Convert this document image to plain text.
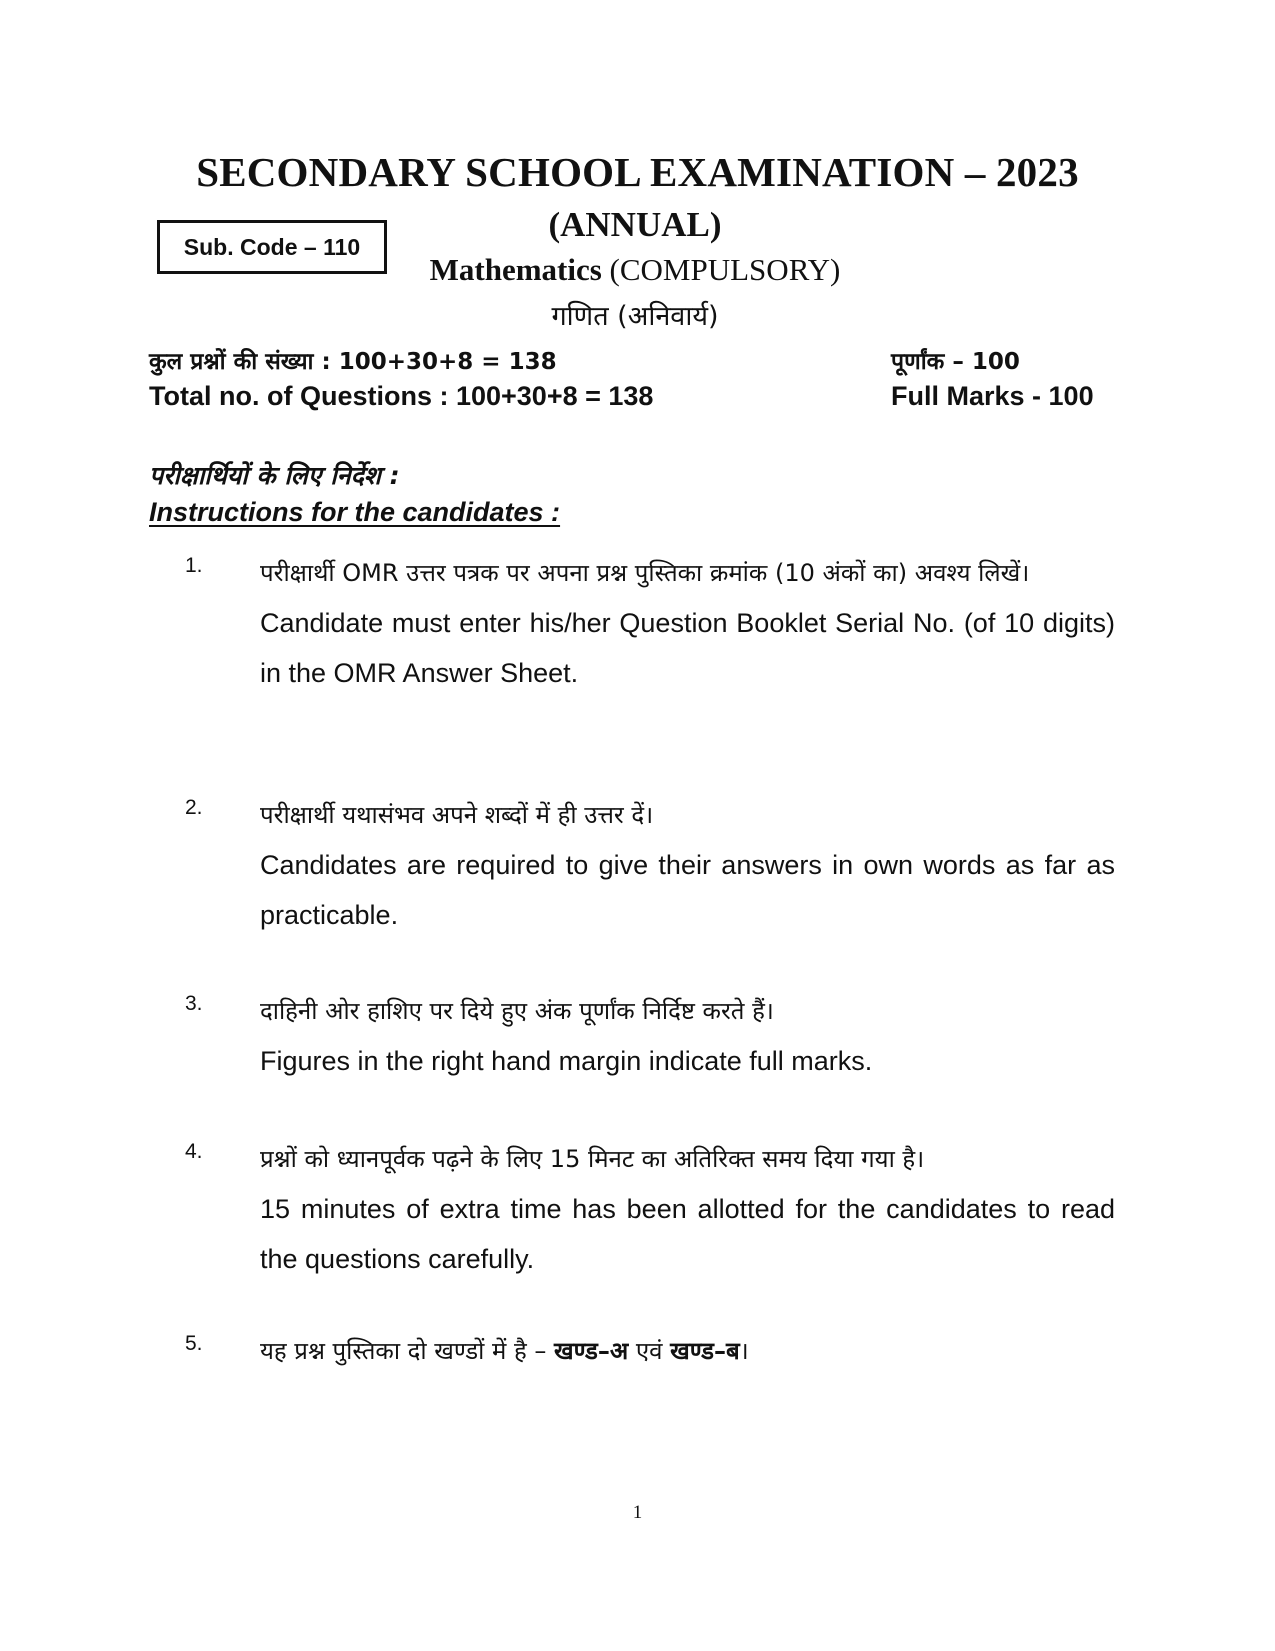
SECONDARY SCHOOL EXAMINATION – 2023
(ANNUAL)
Sub. Code – 110
Mathematics (COMPULSORY)
गणित (अनिवार्य)
कुल प्रश्नों की संख्या : 100+30+8 = 138	पूर्णांक – 100
Total no. of Questions : 100+30+8 = 138	Full Marks - 100
परीक्षार्थियों के लिए निर्देश :
Instructions for the candidates :
1. परीक्षार्थी OMR उत्तर पत्रक पर अपना प्रश्न पुस्तिका क्रमांक (10 अंकों का) अवश्य लिखें।
Candidate must enter his/her Question Booklet Serial No. (of 10 digits) in the OMR Answer Sheet.
2. परीक्षार्थी यथासंभव अपने शब्दों में ही उत्तर दें।
Candidates are required to give their answers in own words as far as practicable.
3. दाहिनी ओर हाशिए पर दिये हुए अंक पूर्णांक निर्दिष्ट करते हैं।
Figures in the right hand margin indicate full marks.
4. प्रश्नों को ध्यानपूर्वक पढ़ने के लिए 15 मिनट का अतिरिक्त समय दिया गया है।
15 minutes of extra time has been allotted for the candidates to read the questions carefully.
5. यह प्रश्न पुस्तिका दो खण्डों में है – खण्ड–अ एवं खण्ड–ब।
1
